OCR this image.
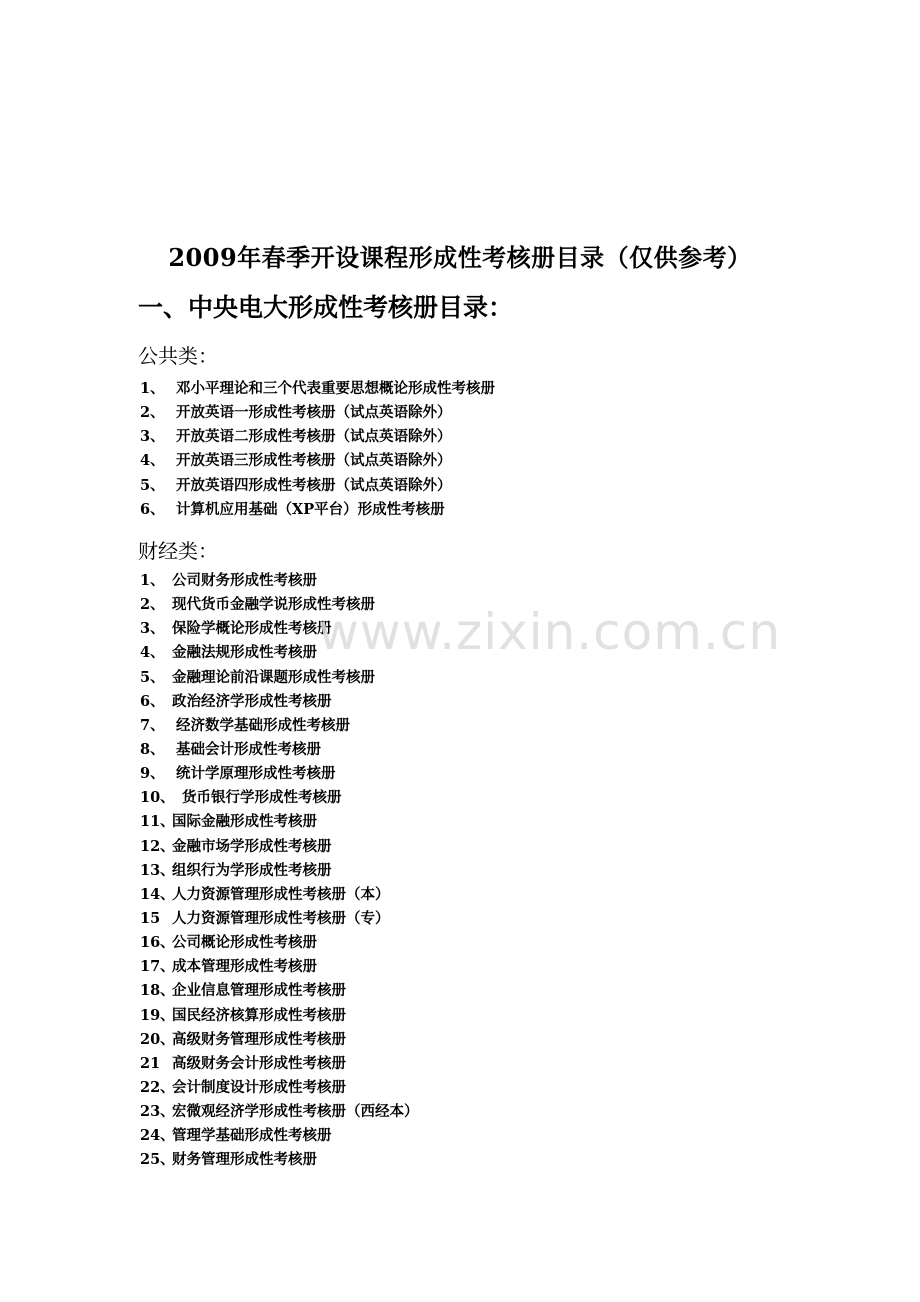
2009年春季开设课程形成性考核册目录（仅供参考）
一、中央电大形成性考核册目录：
公共类：
1、 邓小平理论和三个代表重要思想概论形成性考核册
2、 开放英语一形成性考核册（试点英语除外）
3、 开放英语二形成性考核册（试点英语除外）
4、 开放英语三形成性考核册（试点英语除外）
5、 开放英语四形成性考核册（试点英语除外）
6、 计算机应用基础（XP平台）形成性考核册
财经类：
1、 公司财务形成性考核册
2、 现代货币金融学说形成性考核册
3、 保险学概论形成性考核册
4、 金融法规形成性考核册
5、 金融理论前沿课题形成性考核册
6、 政治经济学形成性考核册
7、 经济数学基础形成性考核册
8、 基础会计形成性考核册
9、 统计学原理形成性考核册
10、 货币银行学形成性考核册
11、
国际金融形成性考核册
12、
金融市场学形成性考核册
13、
组织行为学形成性考核册
14、
人力资源管理形成性考核册（本）
15 人力资源管理形成性考核册（专）
16、
公司概论形成性考核册
17、
成本管理形成性考核册
18、
企业信息管理形成性考核册
19、
国民经济核算形成性考核册
20、
高级财务管理形成性考核册
21 高级财务会计形成性考核册
22、
会计制度设计形成性考核册
23、
宏微观经济学形成性考核册（西经本）
24、
管理学基础形成性考核册
25、
财务管理形成性考核册
www.zixin.com.cn
